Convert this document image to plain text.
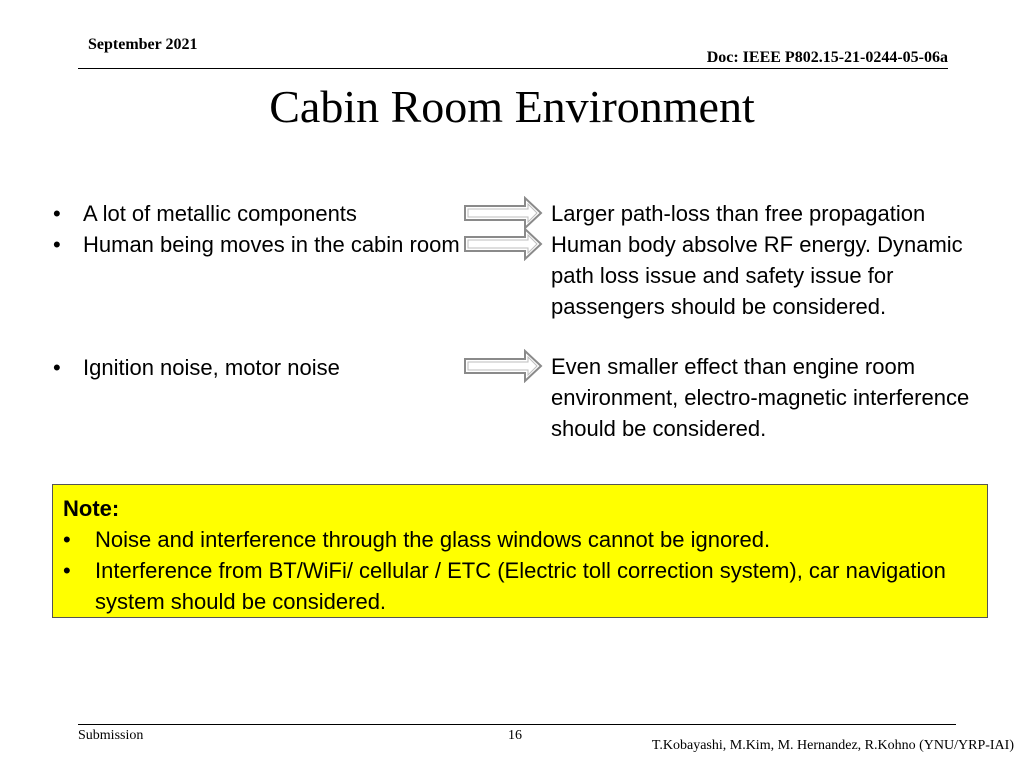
September 2021
Doc: IEEE P802.15-21-0244-05-06a
Cabin Room Environment
• A lot of metallic components
• Human being moves in the cabin room
• Ignition noise, motor noise
Larger path-loss than free propagation
Human body absolve RF energy. Dynamic path loss issue and safety issue for passengers should be considered.
Even smaller effect than engine room environment, electro-magnetic interference should be considered.
Note:
• Noise and interference through the glass windows cannot be ignored.
• Interference from BT/WiFi/ cellular / ETC (Electric toll correction system), car navigation system should be considered.
Submission	16
T.Kobayashi, M.Kim, M. Hernandez, R.Kohno (YNU/YRP-IAI)
